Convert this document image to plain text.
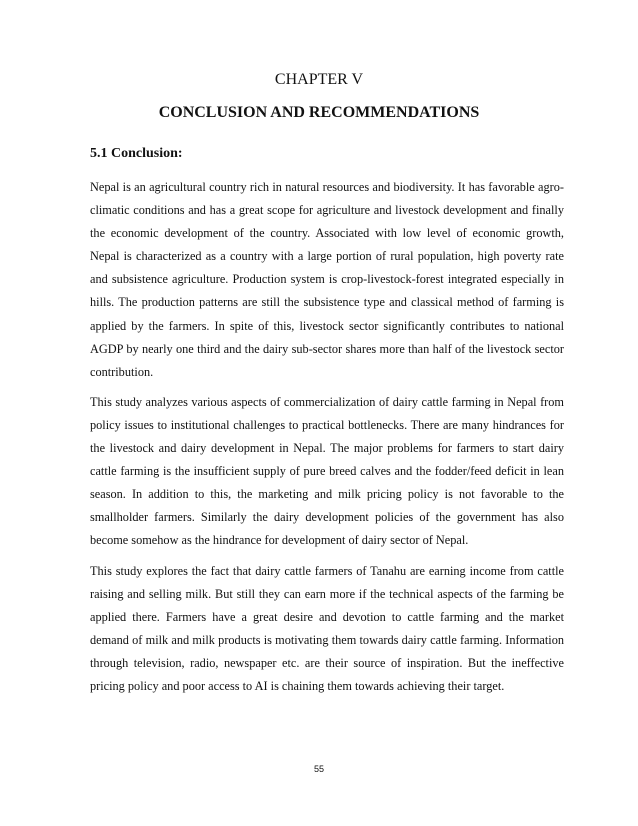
CHAPTER V
CONCLUSION AND RECOMMENDATIONS
5.1 Conclusion:

Nepal is an agricultural country rich in natural resources and biodiversity. It has favorable agro-climatic conditions and has a great scope for agriculture and livestock development and finally the economic development of the country. Associated with low level of economic growth, Nepal is characterized as a country with a large portion of rural population, high poverty rate and subsistence agriculture. Production system is crop-livestock-forest integrated especially in hills. The production patterns are still the subsistence type and classical method of farming is applied by the farmers. In spite of this, livestock sector significantly contributes to national AGDP by nearly one third and the dairy sub-sector shares more than half of the livestock sector contribution.

This study analyzes various aspects of commercialization of dairy cattle farming in Nepal from policy issues to institutional challenges to practical bottlenecks. There are many hindrances for the livestock and dairy development in Nepal. The major problems for farmers to start dairy cattle farming is the insufficient supply of pure breed calves and the fodder/feed deficit in lean season. In addition to this, the marketing and milk pricing policy is not favorable to the smallholder farmers. Similarly the dairy development policies of the government has also become somehow as the hindrance for development of dairy sector of Nepal.

This study explores the fact that dairy cattle farmers of Tanahu are earning income from cattle raising and selling milk. But still they can earn more if the technical aspects of the farming be applied there. Farmers have a great desire and devotion to cattle farming and the market demand of milk and milk products is motivating them towards dairy cattle farming. Information through television, radio, newspaper etc. are their source of inspiration. But the ineffective pricing policy and poor access to AI is chaining them towards achieving their target.

55
